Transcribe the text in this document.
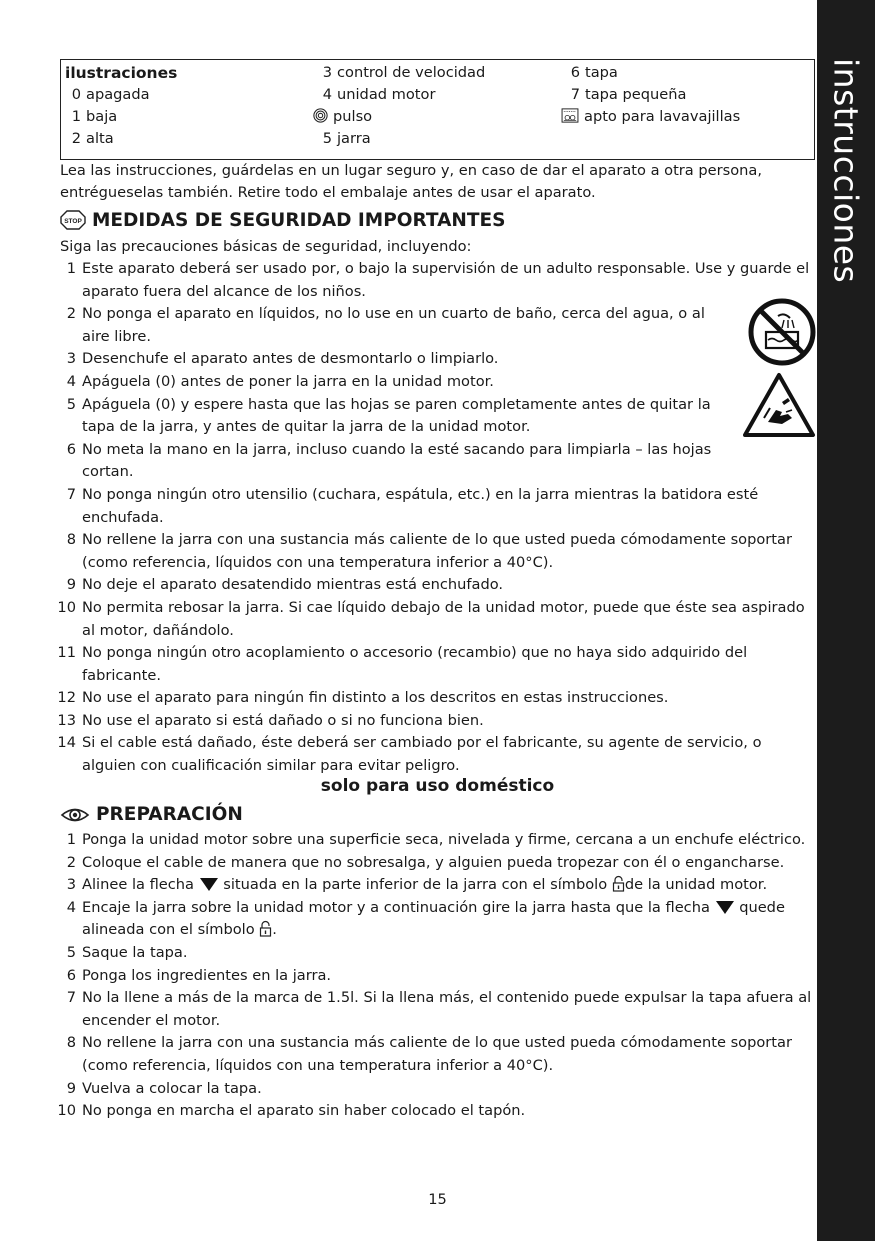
instrucciones
ilustraciones
0 apagada
1 baja
2 alta
3 control de velocidad
4 unidad motor
pulso
5 jarra
6 tapa
7 tapa pequeña
apto para lavavajillas
Lea las instrucciones, guárdelas en un lugar seguro y, en caso de dar el aparato a otra persona, entrégueselas también. Retire todo el embalaje antes de usar el aparato.
STOP MEDIDAS DE SEGURIDAD IMPORTANTES
Siga las precauciones básicas de seguridad, incluyendo:
1 Este aparato deberá ser usado por, o bajo la supervisión de un adulto responsable. Use y guarde el aparato fuera del alcance de los niños.
2 No ponga el aparato en líquidos, no lo use en un cuarto de baño, cerca del agua, o al aire libre.
3 Desenchufe el aparato antes de desmontarlo o limpiarlo.
4 Apáguela (0) antes de poner la jarra en la unidad motor.
5 Apáguela (0) y espere hasta que las hojas se paren completamente antes de quitar la tapa de la jarra, y antes de quitar la jarra de la unidad motor.
6 No meta la mano en la jarra, incluso cuando la esté sacando para limpiarla – las hojas cortan.
7 No ponga ningún otro utensilio (cuchara, espátula, etc.) en la jarra mientras la batidora esté enchufada.
8 No rellene la jarra con una sustancia más caliente de lo que usted pueda cómodamente soportar (como referencia, líquidos con una temperatura inferior a 40°C).
9 No deje el aparato desatendido mientras está enchufado.
10 No permita rebosar la jarra. Si cae líquido debajo de la unidad motor, puede que éste sea aspirado al motor, dañándolo.
11 No ponga ningún otro acoplamiento o accesorio (recambio) que no haya sido adquirido del fabricante.
12 No use el aparato para ningún fin distinto a los descritos en estas instrucciones.
13 No use el aparato si está dañado o si no funciona bien.
14 Si el cable está dañado, éste deberá ser cambiado por el fabricante, su agente de servicio, o alguien con cualificación similar para evitar peligro.
solo para uso doméstico
PREPARACIÓN
1 Ponga la unidad motor sobre una superficie seca, nivelada y firme, cercana a un enchufe eléctrico.
2 Coloque el cable de manera que no sobresalga, y alguien pueda tropezar con él o engancharse.
3 Alinee la flecha situada en la parte inferior de la jarra con el símbolo de la unidad motor.
4 Encaje la jarra sobre la unidad motor y a continuación gire la jarra hasta que la flecha quede alineada con el símbolo .
5 Saque la tapa.
6 Ponga los ingredientes en la jarra.
7 No la llene a más de la marca de 1.5l. Si la llena más, el contenido puede expulsar la tapa afuera al encender el motor.
8 No rellene la jarra con una sustancia más caliente de lo que usted pueda cómodamente soportar (como referencia, líquidos con una temperatura inferior a 40°C).
9 Vuelva a colocar la tapa.
10 No ponga en marcha el aparato sin haber colocado el tapón.
15
